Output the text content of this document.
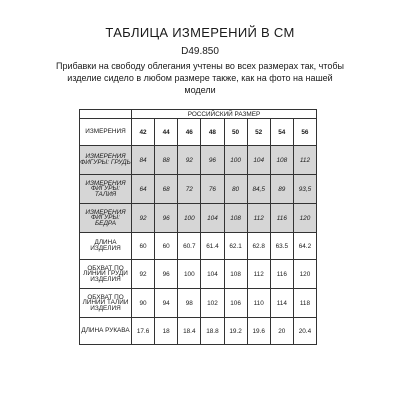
ТАБЛИЦА ИЗМЕРЕНИЙ В СМ
D49.850
Прибавки на свободу облегания учтены во всех размерах так, чтобы изделие сидело в любом размере также, как на фото на нашей модели
	РОССИЙСКИЙ РАЗМЕР							
ИЗМЕРЕНИЯ	42	44	46	48	50	52	54	56
ИЗМЕРЕНИЯ ФИГУРЫ: ГРУДЬ	84	88	92	96	100	104	108	112
ИЗМЕРЕНИЯ ФИГУРЫ: ТАЛИЯ	64	68	72	76	80	84,5	89	93,5
ИЗМЕРЕНИЯ ФИГУРЫ: БЕДРА	92	96	100	104	108	112	116	120
ДЛИНА ИЗДЕЛИЯ	60	60	60.7	61.4	62.1	62.8	63.5	64.2
ОБХВАТ ПО ЛИНИИ ГРУДИ ИЗДЕЛИЯ	92	96	100	104	108	112	116	120
ОБХВАТ ПО ЛИНИИ ТАЛИИ ИЗДЕЛИЯ	90	94	98	102	106	110	114	118
ДЛИНА РУКАВА	17.6	18	18.4	18.8	19.2	19.6	20	20.4
